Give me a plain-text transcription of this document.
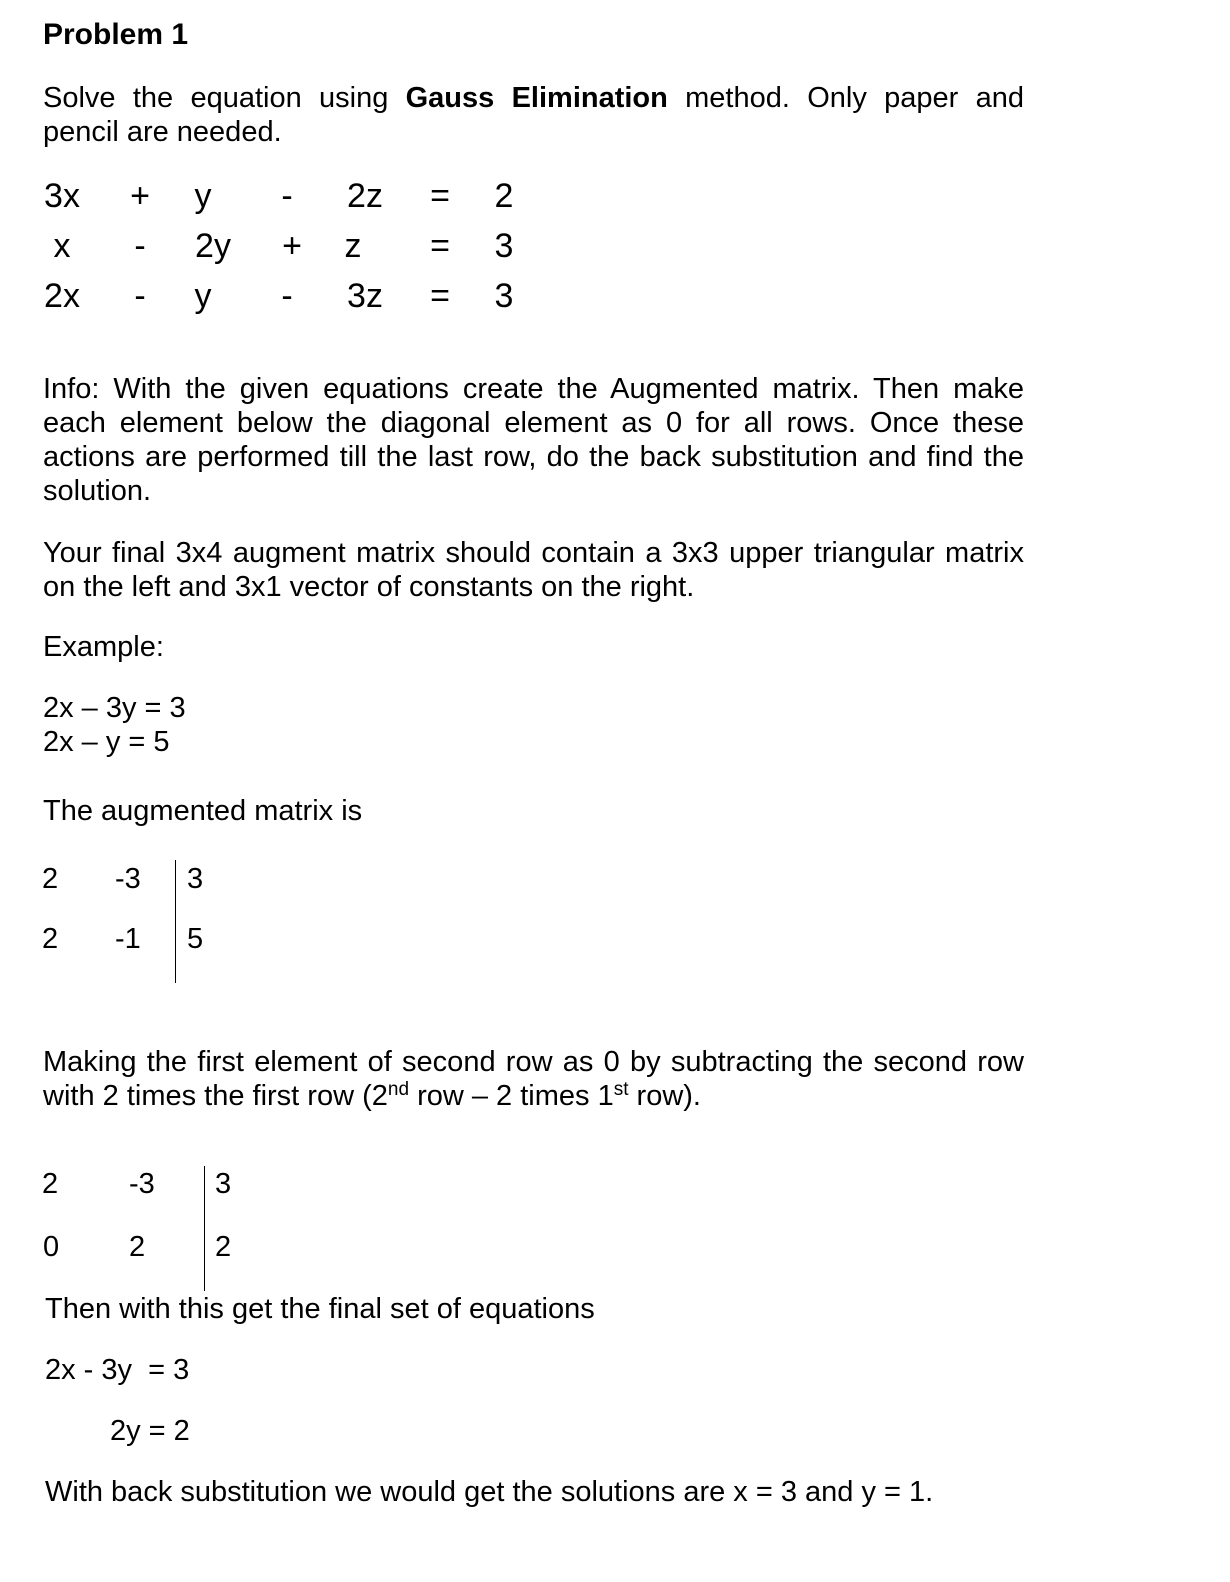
Problem 1
Solve the equation using Gauss Elimination method. Only paper and pencil are needed.
3x	+	y	-	2z	=	2
x	-	2y	+	z	=	3
2x	-	y	-	3z	=	3
Info: With the given equations create the Augmented matrix. Then make each element below the diagonal element as 0 for all rows. Once these actions are performed till the last row, do the back substitution and find the solution.
Your final 3x4 augment matrix should contain a 3x3 upper triangular matrix on the left and 3x1 vector of constants on the right.
Example:
2x – 3y = 3
2x – y = 5
The augmented matrix is
2 -3 3
2 -1 5
Making the first element of second row as 0 by subtracting the second row with 2 times the first row (2nd row – 2 times 1st row).
2 -3 3
0 2 2
Then with this get the final set of equations
2x - 3y  = 3
2y = 2
With back substitution we would get the solutions are x = 3 and y = 1.
